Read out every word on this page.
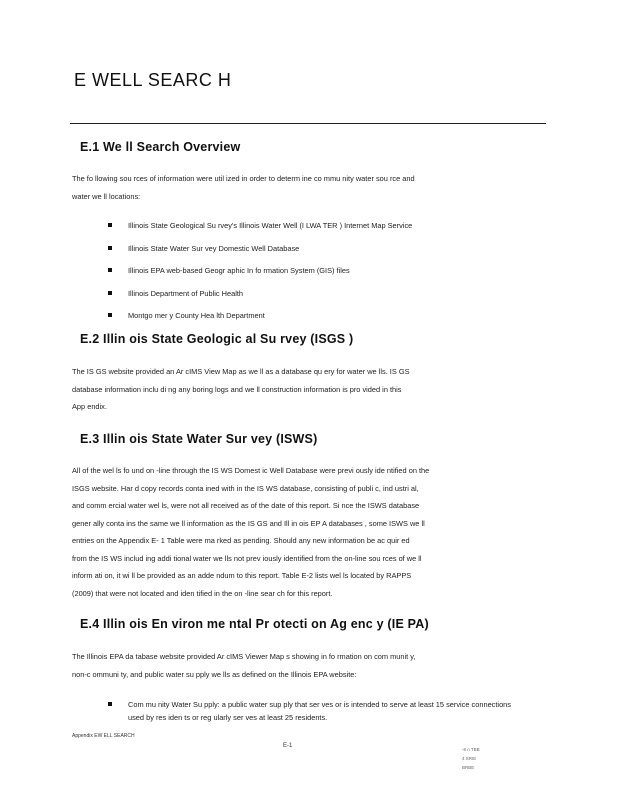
E WELL SEARC H
E.1 We ll Search Overview
The fo llowing sou rces of information were util ized in order to determ ine co mmu nity water sou rce and
water we ll locations:
Illinois State Geological Su rvey's Illinois Water Well (I LWA TER ) Internet Map Service
Illinois State Water Sur vey Domestic Well Database
Illinois EPA web-based Geogr aphic In fo rmation System (GIS) files
Illinois Department of Public Health
Montgo mer y County Hea lth Department
E.2 Illin ois State Geologic al Su rvey (ISGS )
The IS GS website provided an Ar cIMS View Map as we ll as a database qu ery for water we lls. IS GS
database information inclu di ng any boring logs and we ll construction information is pro vided in this
App endix.
E.3 Illin ois State Water Sur vey (ISWS)
All of the wel ls fo und on -line through the IS WS Domest ic Well Database were previ ously ide ntified on the
ISGS website. Har d copy records conta ined with in the IS WS database, consisting of publi c, ind ustri al,
and comm ercial water wel ls, were not all received as of the date of this report. Si nce the ISWS database
gener ally conta ins the same we ll information as the IS GS and Ill in ois EP A databases , some ISWS we ll
entries on the Appendix E- 1 Table were ma rked as pending. Should any new information be ac quir ed
from the IS WS includ ing addi tional water we lls not prev iously identified from the on-line sou rces of we ll
inform ati on, it wi ll be provided as an adde ndum to this report. Table E-2 lists wel ls located by RAPPS
(2009) that were not located and iden tified in the on -line sear ch for this report.
E.4 Illin ois En viron me ntal Pr otecti on Ag enc y (IE PA)
The Illinois EPA da tabase website provided Ar cIMS Viewer Map s showing in fo rmation on com munit y,
non-c ommuni ty, and public water su pply we lls as defined on the Illinois EPA website:
Com mu nity Water Su pply: a public water sup ply that ser ves or is intended to serve at least 15 service connections used by res iden ts or reg ularly ser ves at least 25 residents.
Appendix EW ELL SEARCH
E-1
-8 n TBB
4 SRIE
BRBE
